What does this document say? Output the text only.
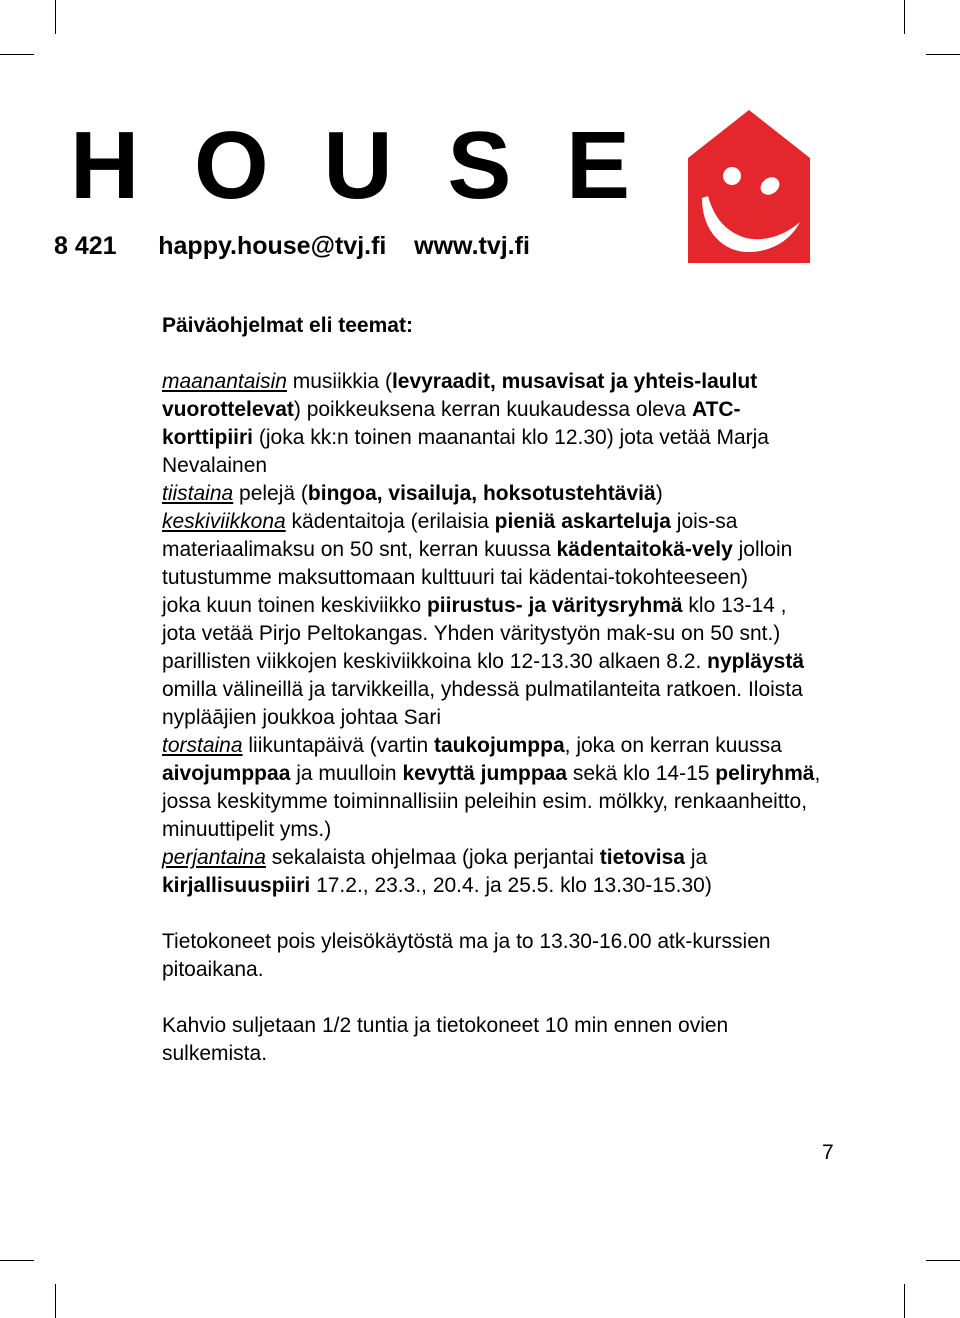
H O U S E
8 421 happy.house@tvj.fi www.tvj.fi

Päiväohjelmat eli teemat:

maanantaisin musiikkia (levyraadit, musavisat ja yhteis-laulut vuorottelevat) poikkeuksena kerran kuukaudessa oleva ATC-korttipiiri (joka kk:n toinen maanantai klo 12.30) jota vetää Marja Nevalainen

tiistaina pelejä (bingoa, visailuja, hoksotustehtäviä)

keskiviikkona kädentaitoja (erilaisia pieniä askarteluja jois-sa materiaalimaksu on 50 snt, kerran kuussa kädentaitokä-vely jolloin tutustumme maksuttomaan kulttuuri tai kädentai-tokohteeseen)

joka kuun toinen keskiviikko piirustus- ja väritysryhmä klo 13-14 , jota vetää Pirjo Peltokangas. Yhden väritystyön mak-su on 50 snt.)

parillisten viikkojen keskiviikkoina klo 12-13.30 alkaen 8.2. nypläystä omilla välineillä ja tarvikkeilla, yhdessä pulmatilanteita ratkoen. Iloista nypläājien joukkoa johtaa Sari

torstaina liikuntapäivä (vartin taukojumppa, joka on kerran kuussa aivojumppaa ja muulloin kevyttä jumppaa sekä klo 14-15 peliryhmä, jossa keskitymme toiminnallisiin peleihin esim. mölkky, renkaanheitto, minuuttipelit yms.)

perjantaina sekalaista ohjelmaa (joka perjantai tietovisa ja kirjallisuuspiiri 17.2., 23.3., 20.4. ja 25.5. klo 13.30-15.30)

Tietokoneet pois yleisökäytöstä ma ja to 13.30-16.00 atk-kurssien pitoaikana.

Kahvio suljetaan 1/2 tuntia ja tietokoneet 10 min ennen ovien sulkemista.

7
